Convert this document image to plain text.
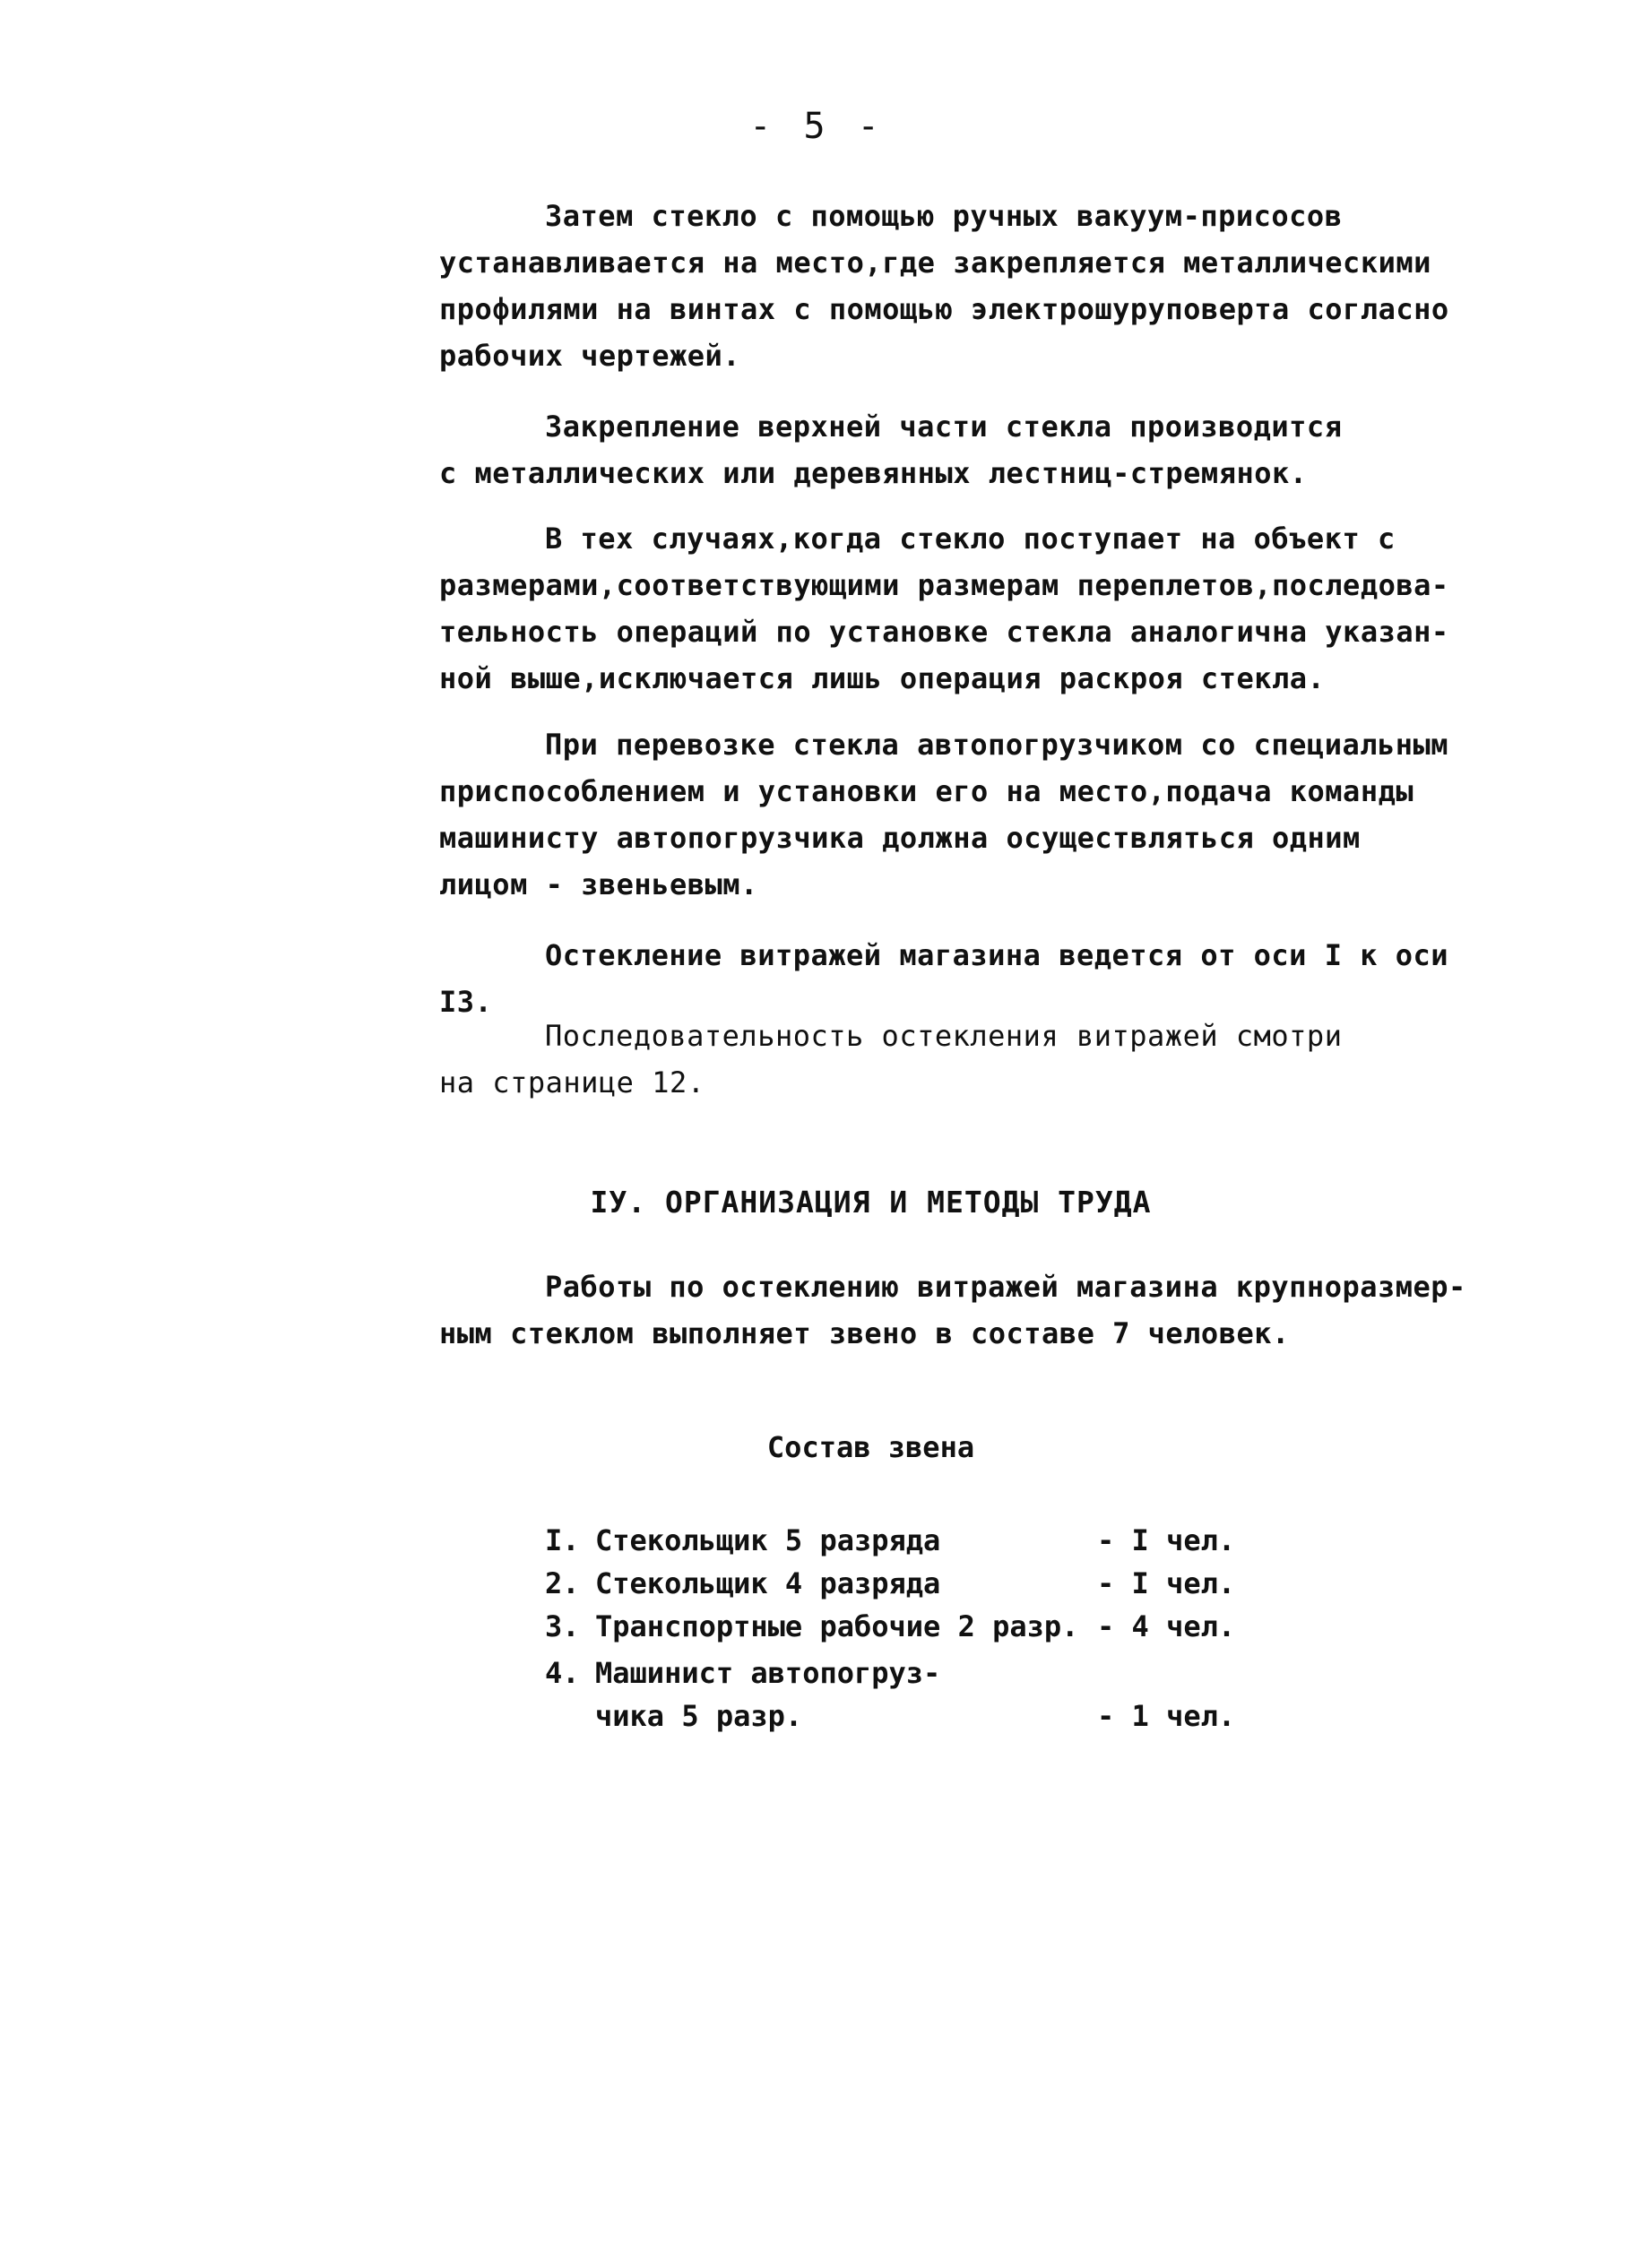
- 5 -
Затем стекло с помощью ручных вакуум-присосов
устанавливается на место,где закрепляется металлическими
профилями на винтах с помощью электрошуруповерта согласно
рабочих чертежей.
Закрепление верхней части стекла производится
с металлических или деревянных лестниц-стремянок.
В тех случаях,когда стекло поступает на объект с
размерами,соответствующими размерам переплетов,последова-
тельность операций по установке стекла аналогична указан-
ной выше,исключается лишь операция раскроя стекла.
При перевозке стекла автопогрузчиком со специальным
приспособлением и установки его на место,подача команды
машинисту автопогрузчика должна осуществляться одним
лицом - звеньевым.
Остекление витражей магазина ведется от оси I к оси
I3.
Последовательность остекления витражей смотри
на странице 12.
IУ. ОРГАНИЗАЦИЯ И МЕТОДЫ ТРУДА
Работы по остеклению витражей магазина крупноразмер-
ным стеклом выполняет звено в составе 7 человек.
Состав звена
I. Стекольщик 5 разряда	- I чел.
2. Стекольщик 4 разряда	- I чел.
3. Транспортные рабочие 2 разр. - 4 чел.
4. Машинист автопогруз-
чика 5 разр.	- 1 чел.
